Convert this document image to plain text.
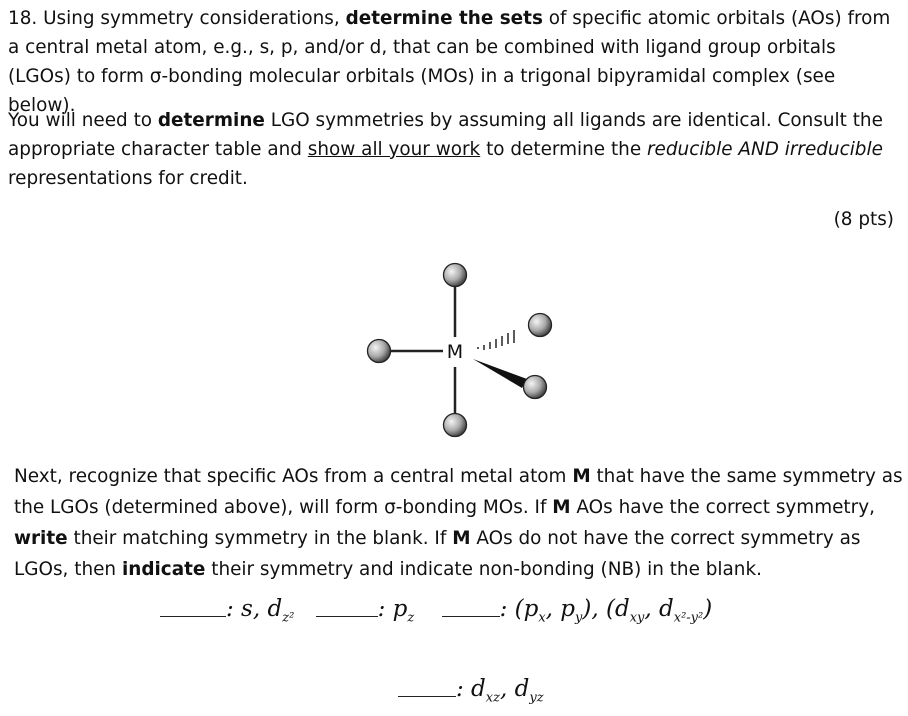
18. Using symmetry considerations, determine the sets of specific atomic orbitals (AOs) from a central metal atom, e.g., s, p, and/or d, that can be combined with ligand group orbitals (LGOs) to form σ-bonding molecular orbitals (MOs) in a trigonal bipyramidal complex (see below).
You will need to determine LGO symmetries by assuming all ligands are identical. Consult the appropriate character table and show all your work to determine the reducible AND irreducible representations for credit.
(8 pts)
M
Next, recognize that specific AOs from a central metal atom M that have the same symmetry as the LGOs (determined above), will form σ-bonding MOs. If M AOs have the correct symmetry, write their matching symmetry in the blank. If M AOs do not have the correct symmetry as LGOs, then indicate their symmetry and indicate non-bonding (NB) in the blank.
: s, $d_{z^2}$	: $p_z$	: ($p_x$, $p_y$), ($d_{xy}$, $d_{x^2-y^2}$)
: $d_{xz}$, $d_{yz}$
